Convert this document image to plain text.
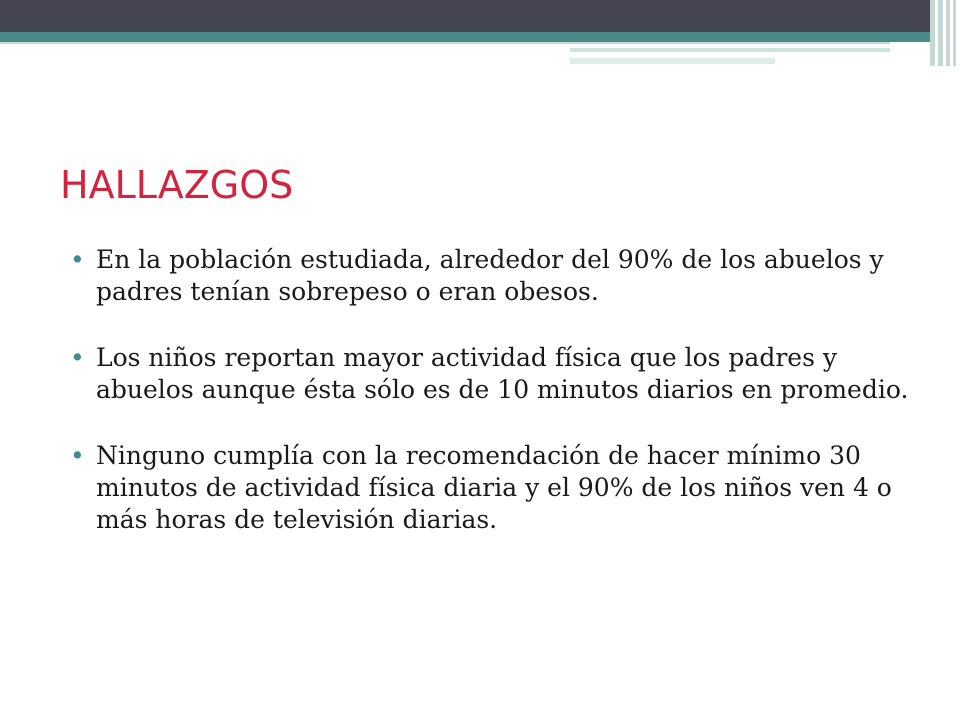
HALLAZGOS
• En la población estudiada, alrededor del 90% de los abuelos y padres tenían sobrepeso o eran obesos.
• Los niños reportan mayor actividad física que los padres y abuelos aunque ésta sólo es de 10 minutos diarios en promedio.
• Ninguno cumplía con la recomendación de hacer mínimo 30 minutos de actividad física diaria y el 90% de los niños ven 4 o más horas de televisión diarias.
